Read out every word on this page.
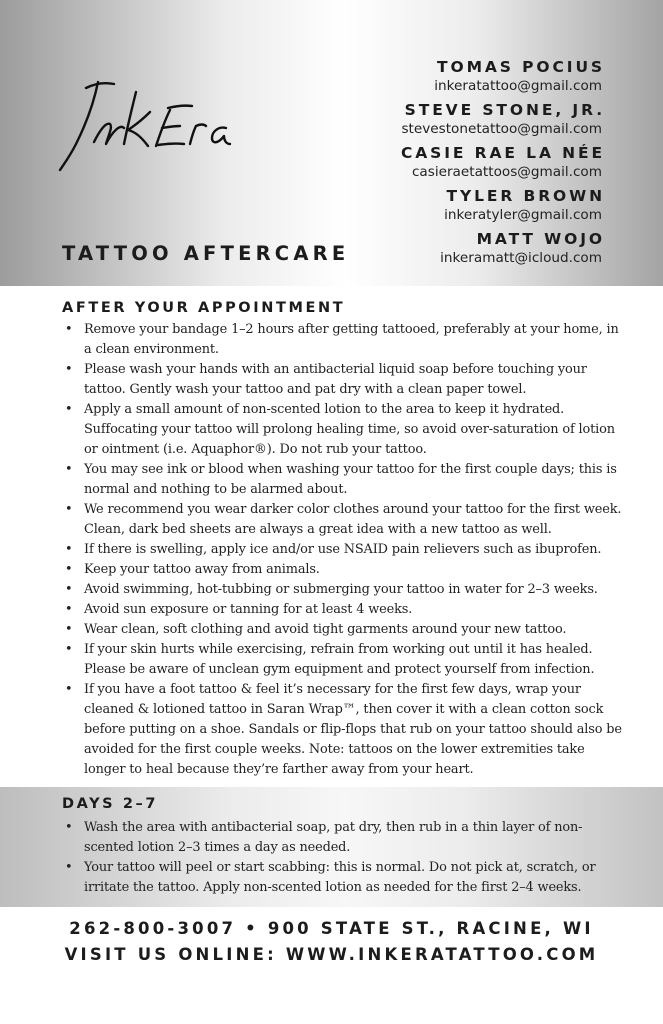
TATTOO AFTERCARE
TOMAS POCIUS
inkeratattoo@gmail.com
STEVE STONE, JR.
stevestonetattoo@gmail.com
CASIE RAE LA NÉE
casieraetattoos@gmail.com
TYLER BROWN
inkeratyler@gmail.com
MATT WOJO
inkeramatt@icloud.com
AFTER YOUR APPOINTMENT
• Remove your bandage 1–2 hours after getting tattooed, preferably at your home, in a clean environment.
• Please wash your hands with an antibacterial liquid soap before touching your tattoo. Gently wash your tattoo and pat dry with a clean paper towel.
• Apply a small amount of non-scented lotion to the area to keep it hydrated. Suffocating your tattoo will prolong healing time, so avoid over-saturation of lotion or ointment (i.e. Aquaphor®). Do not rub your tattoo.
• You may see ink or blood when washing your tattoo for the first couple days; this is normal and nothing to be alarmed about.
• We recommend you wear darker color clothes around your tattoo for the first week. Clean, dark bed sheets are always a great idea with a new tattoo as well.
• If there is swelling, apply ice and/or use NSAID pain relievers such as ibuprofen.
• Keep your tattoo away from animals.
• Avoid swimming, hot-tubbing or submerging your tattoo in water for 2–3 weeks.
• Avoid sun exposure or tanning for at least 4 weeks.
• Wear clean, soft clothing and avoid tight garments around your new tattoo.
• If your skin hurts while exercising, refrain from working out until it has healed. Please be aware of unclean gym equipment and protect yourself from infection.
• If you have a foot tattoo & feel it’s necessary for the first few days, wrap your cleaned & lotioned tattoo in Saran Wrap™, then cover it with a clean cotton sock before putting on a shoe. Sandals or flip-flops that rub on your tattoo should also be avoided for the first couple weeks. Note: tattoos on the lower extremities take longer to heal because they’re farther away from your heart.
DAYS 2–7
• Wash the area with antibacterial soap, pat dry, then rub in a thin layer of non-scented lotion 2–3 times a day as needed.
• Your tattoo will peel or start scabbing: this is normal. Do not pick at, scratch, or irritate the tattoo. Apply non-scented lotion as needed for the first 2–4 weeks.
262-800-3007 • 900 STATE ST., RACINE, WI
VISIT US ONLINE: WWW.INKERATATTOO.COM
